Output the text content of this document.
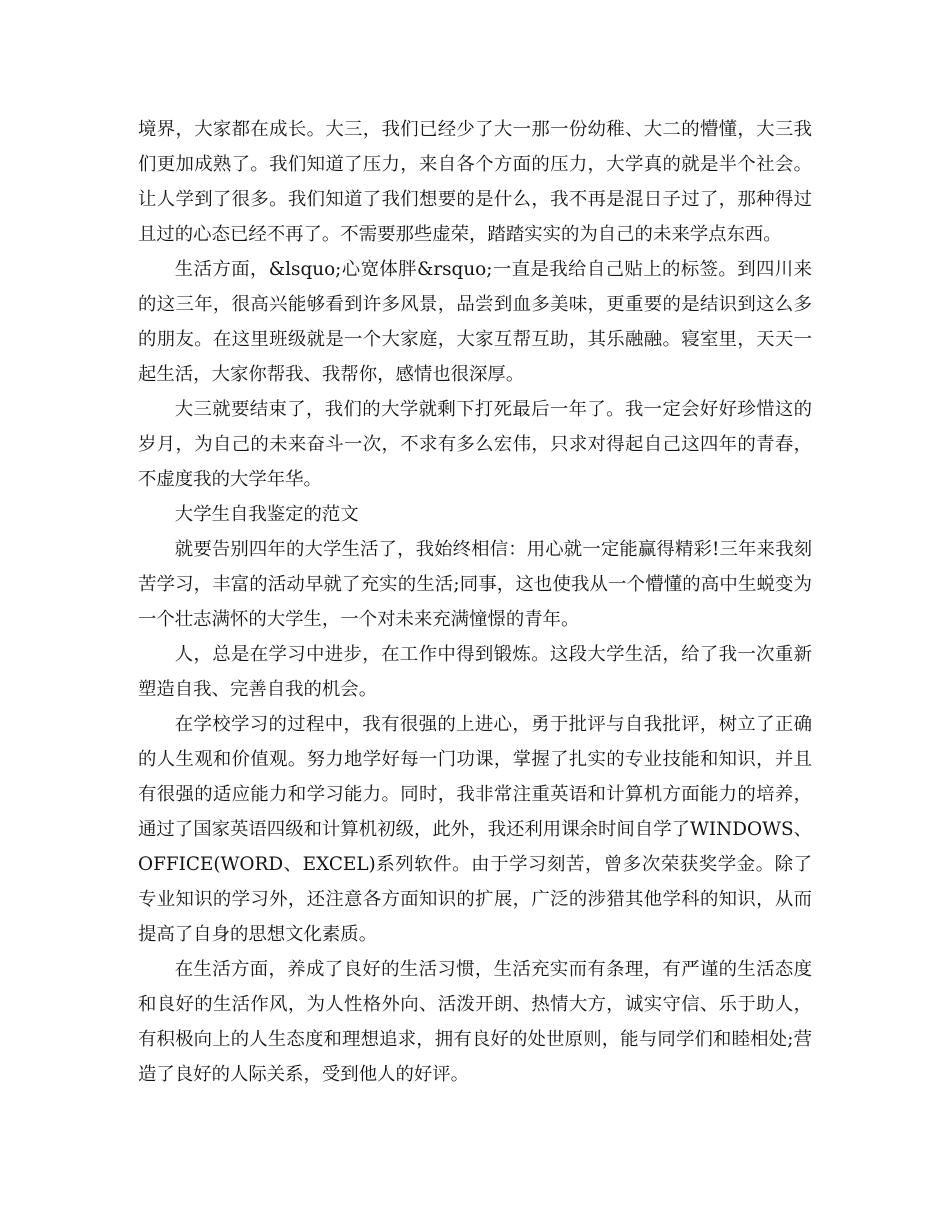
境界，大家都在成长。大三，我们已经少了大一那一份幼稚、大二的懵懂，大三我们更加成熟了。我们知道了压力，来自各个方面的压力，大学真的就是半个社会。让人学到了很多。我们知道了我们想要的是什么，我不再是混日子过了，那种得过且过的心态已经不再了。不需要那些虚荣，踏踏实实的为自己的未来学点东西。

生活方面，&lsquo;心宽体胖&rsquo;一直是我给自己贴上的标签。到四川来的这三年，很高兴能够看到许多风景，品尝到血多美味，更重要的是结识到这么多的朋友。在这里班级就是一个大家庭，大家互帮互助，其乐融融。寝室里，天天一起生活，大家你帮我、我帮你，感情也很深厚。

大三就要结束了，我们的大学就剩下打死最后一年了。我一定会好好珍惜这的岁月，为自己的未来奋斗一次，不求有多么宏伟，只求对得起自己这四年的青春，不虚度我的大学年华。

大学生自我鉴定的范文

就要告别四年的大学生活了，我始终相信：用心就一定能赢得精彩!三年来我刻苦学习，丰富的活动早就了充实的生活;同事，这也使我从一个懵懂的高中生蜕变为一个壮志满怀的大学生，一个对未来充满憧憬的青年。

人，总是在学习中进步，在工作中得到锻炼。这段大学生活，给了我一次重新塑造自我、完善自我的机会。

在学校学习的过程中，我有很强的上进心，勇于批评与自我批评，树立了正确的人生观和价值观。努力地学好每一门功课，掌握了扎实的专业技能和知识，并且有很强的适应能力和学习能力。同时，我非常注重英语和计算机方面能力的培养，通过了国家英语四级和计算机初级，此外，我还利用课余时间自学了WINDOWS、OFFICE(WORD、EXCEL)系列软件。由于学习刻苦，曾多次荣获奖学金。除了专业知识的学习外，还注意各方面知识的扩展，广泛的涉猎其他学科的知识，从而提高了自身的思想文化素质。

在生活方面，养成了良好的生活习惯，生活充实而有条理，有严谨的生活态度和良好的生活作风，为人性格外向、活泼开朗、热情大方，诚实守信、乐于助人，有积极向上的人生态度和理想追求，拥有良好的处世原则，能与同学们和睦相处;营造了良好的人际关系，受到他人的好评。
